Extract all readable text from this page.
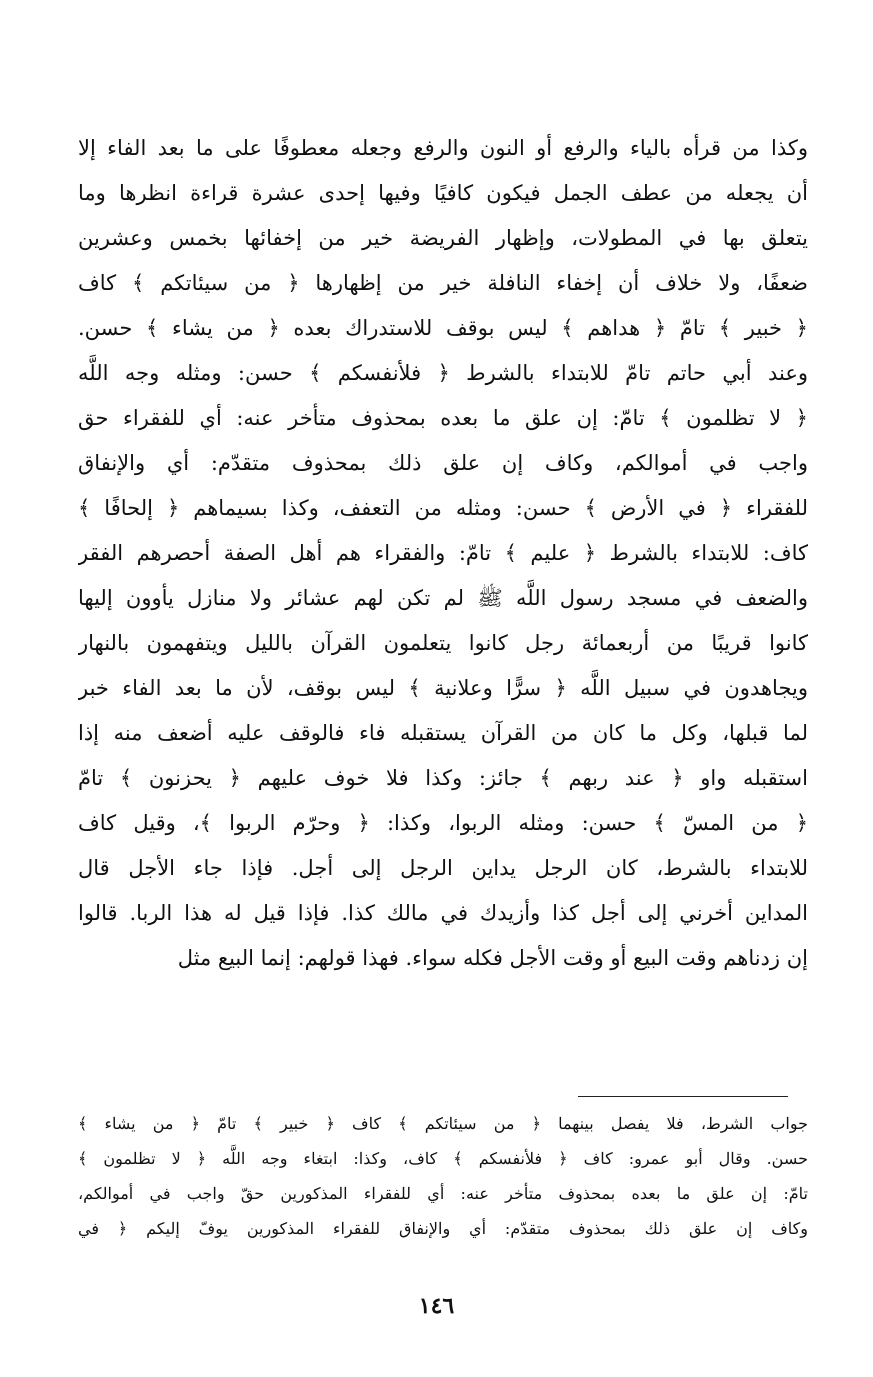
وكذا من قرأه بالياء والرفع أو النون والرفع وجعله معطوفًا على ما بعد الفاء إلا
أن يجعله من عطف الجمل فيكون كافيًا وفيها إحدى عشرة قراءة انظرها وما
يتعلق بها في المطولات، وإظهار الفريضة خير من إخفائها بخمس وعشرين
ضعفًا، ولا خلاف أن إخفاء النافلة خير من إظهارها ﴿ من سيئاتكم ﴾ كاف
﴿ خبير ﴾ تامّ ﴿ هداهم ﴾ ليس بوقف للاستدراك بعده ﴿ من يشاء ﴾ حسن.
وعند أبي حاتم تامّ للابتداء بالشرط ﴿ فلأنفسكم ﴾ حسن: ومثله وجه اللَّه
﴿ لا تظلمون ﴾ تامّ: إن علق ما بعده بمحذوف متأخر عنه: أي للفقراء حق
واجب في أموالكم، وكاف إن علق ذلك بمحذوف متقدّم: أي والإنفاق
للفقراء ﴿ في الأرض ﴾ حسن: ومثله من التعفف، وكذا بسيماهم ﴿ إلحافًا ﴾
كاف: للابتداء بالشرط ﴿ عليم ﴾ تامّ: والفقراء هم أهل الصفة أحصرهم الفقر
والضعف في مسجد رسول اللَّه ﷺ لم تكن لهم عشائر ولا منازل يأوون إليها
كانوا قريبًا من أربعمائة رجل كانوا يتعلمون القرآن بالليل ويتفهمون بالنهار
ويجاهدون في سبيل اللَّه ﴿ سرًّا وعلانية ﴾ ليس بوقف، لأن ما بعد الفاء خبر
لما قبلها، وكل ما كان من القرآن يستقبله فاء فالوقف عليه أضعف منه إذا
استقبله واو ﴿ عند ربهم ﴾ جائز: وكذا فلا خوف عليهم ﴿ يحزنون ﴾ تامّ
﴿ من المسّ ﴾ حسن: ومثله الربوا، وكذا: ﴿ وحرّم الربوا ﴾، وقيل كاف
للابتداء بالشرط، كان الرجل يداين الرجل إلى أجل. فإذا جاء الأجل قال
المداين أخرني إلى أجل كذا وأزيدك في مالك كذا. فإذا قيل له هذا الربا. قالوا
إن زدناهم وقت البيع أو وقت الأجل فكله سواء. فهذا قولهم: إنما البيع مثل
جواب الشرط، فلا يفصل بينهما ﴿ من سيئاتكم ﴾ كاف ﴿ خبير ﴾ تامّ ﴿ من يشاء ﴾
حسن. وقال أبو عمرو: كاف ﴿ فلأنفسكم ﴾ كاف، وكذا: ابتغاء وجه اللَّه ﴿ لا تظلمون ﴾
تامّ: إن علق ما بعده بمحذوف متأخر عنه: أي للفقراء المذكورين حقّ واجب في أموالكم،
وكاف إن علق ذلك بمحذوف متقدّم: أي والإنفاق للفقراء المذكورين يوفّ إليكم ﴿ في
١٤٦
